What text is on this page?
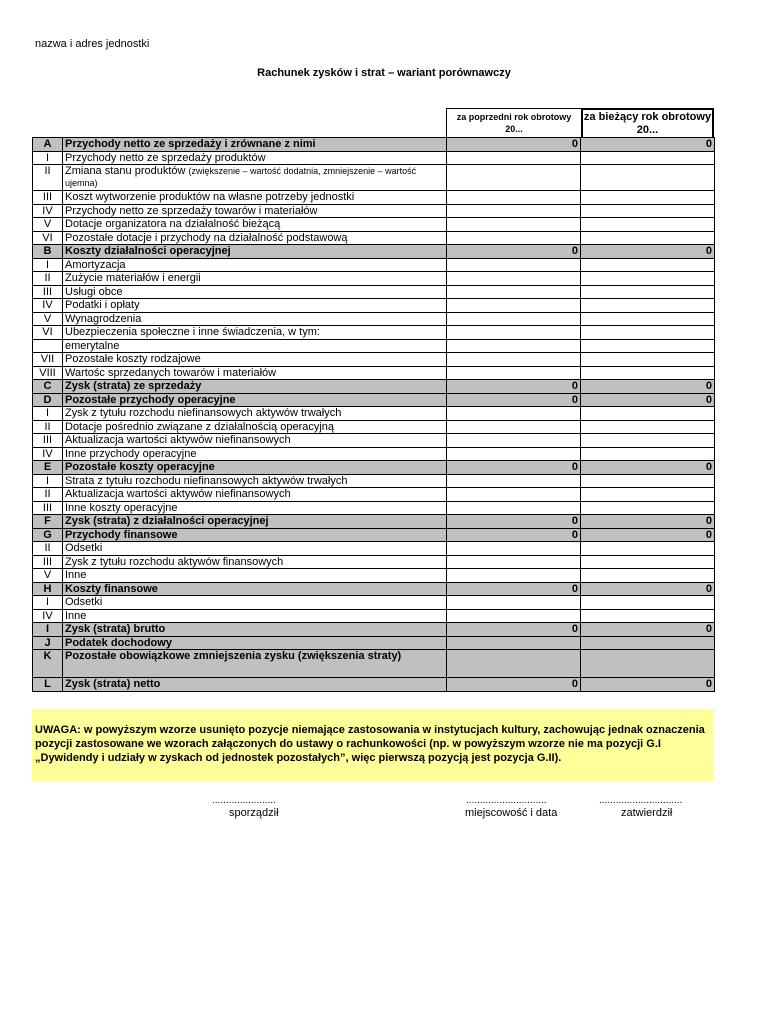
nazwa i adres jednostki
Rachunek zysków i strat – wariant porównawczy
za poprzedni rok obrotowy 20...
za bieżący rok obrotowy 20...
A	Przychody netto ze sprzedaży i zrównane z nimi	0	0
I	Przychody netto ze sprzedaży produktów		
II	Zmiana stanu produktów (zwiększenie – wartość dodatnia, zmniejszenie – wartość ujemna)		
III	Koszt wytworzenie produktów na własne potrzeby jednostki		
IV	Przychody netto ze sprzedaży towarów i materiałów		
V	Dotacje organizatora na działalność bieżącą		
VI	Pozostałe dotacje i przychody na działalność podstawową		
B	Koszty działalności operacyjnej	0	0
I	Amortyzacja		
II	Zużycie materiałów i energii		
III	Usługi obce		
IV	Podatki i opłaty		
V	Wynagrodzenia		
VI	Ubezpieczenia społeczne i inne świadczenia, w tym:		
	emerytalne		
VII	Pozostałe koszty rodzajowe		
VIII	Wartośc sprzedanych towarów i materiałów		
C	Zysk (strata) ze sprzedaży	0	0
D	Pozostałe przychody operacyjne	0	0
I	Zysk z tytułu rozchodu niefinansowych aktywów trwałych		
II	Dotacje pośrednio związane z działalnością operacyjną		
III	Aktualizacja wartości aktywów niefinansowych		
IV	Inne przychody operacyjne		
E	Pozostałe koszty operacyjne	0	0
I	Strata z tytułu rozchodu niefinansowych aktywów trwałych		
II	Aktualizacja wartości aktywów niefinansowych		
III	Inne koszty operacyjne		
F	Zysk (strata) z działalności operacyjnej	0	0
G	Przychody finansowe	0	0
II	Odsetki		
III	Zysk z tytułu rozchodu aktywów finansowych		
V	Inne		
H	Koszty finansowe	0	0
I	Odsetki		
IV	Inne		
I	Zysk (strata) brutto	0	0
J	Podatek dochodowy		
K	Pozostałe obowiązkowe zmniejszenia zysku (zwiększenia straty)		
L	Zysk (strata) netto	0	0
UWAGA: w powyższym wzorze usunięto pozycje niemające zastosowania w instytucjach kultury, zachowując jednak oznaczenia pozycji zastosowane we wzorach załączonych do ustawy o rachunkowości (np. w powyższym wzorze nie ma pozycji G.I „Dywidendy i udziały w zyskach od jednostek pozostałych”, więc pierwszą pozycją jest pozycja G.II).
.......................
sporządził
.............................
miejscowość i data
..............................
zatwierdził
